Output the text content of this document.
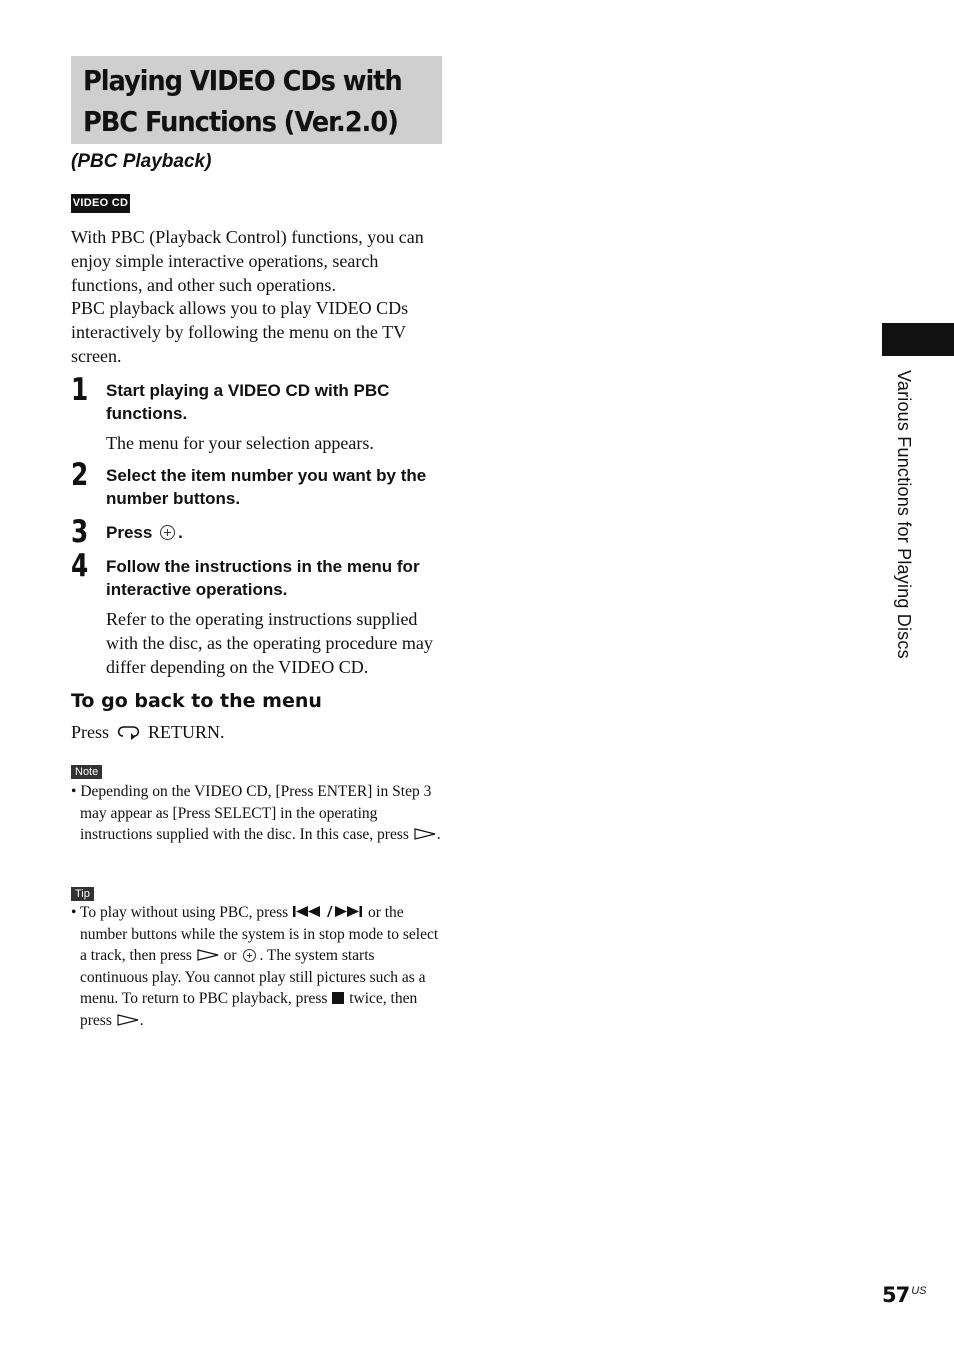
Playing VIDEO CDs with
PBC Functions (Ver.2.0)
(PBC Playback)
VIDEO CD

With PBC (Playback Control) functions, you can enjoy simple interactive operations, search functions, and other such operations.

PBC playback allows you to play VIDEO CDs interactively by following the menu on the TV screen.

1 Start playing a VIDEO CD with PBC functions.
The menu for your selection appears.
2 Select the item number you want by the number buttons.
3 Press .
4 Follow the instructions in the menu for interactive operations.
Refer to the operating instructions supplied with the disc, as the operating procedure may differ depending on the VIDEO CD.
To go back to the menu
Press RETURN.
Note
• Depending on the VIDEO CD, [Press ENTER] in Step 3 may appear as [Press SELECT] in the operating instructions supplied with the disc. In this case, press .
Tip
• To play without using PBC, press	or the number buttons while the system is in stop mode to select a track, then press or . The system starts continuous play. You cannot play still pictures such as a menu. To return to PBC playback, press twice, then press .
Various Functions for Playing Discs
57 $^{US}$
